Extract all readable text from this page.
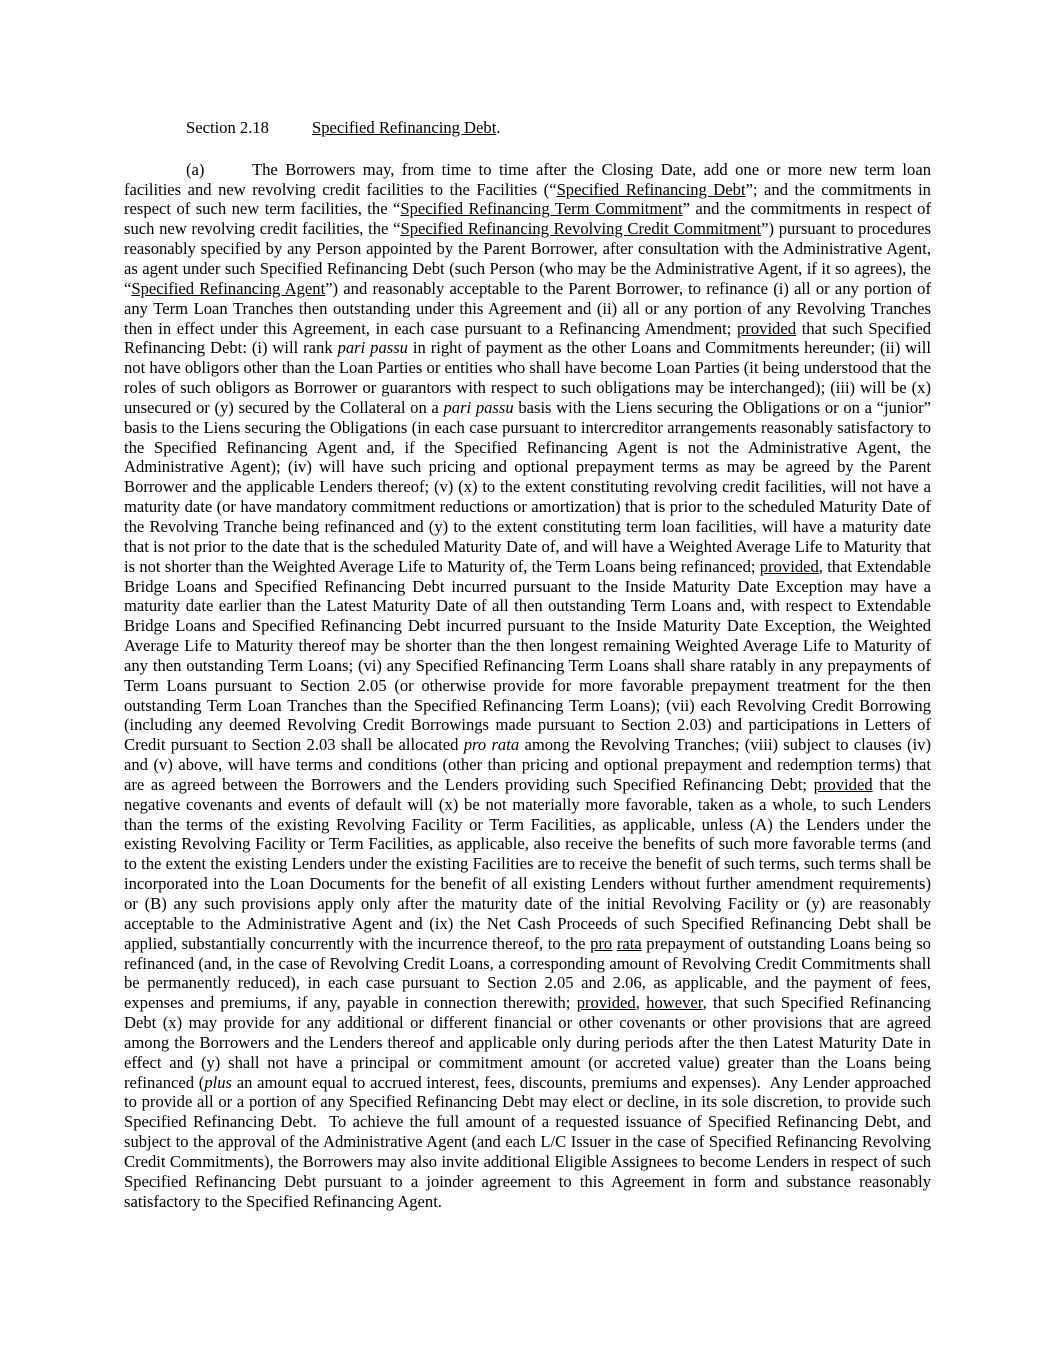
Section 2.18	Specified Refinancing Debt.

(a)	The Borrowers may, from time to time after the Closing Date, add one or more new term loan facilities and new revolving credit facilities to the Facilities (“Specified Refinancing Debt”; and the commitments in respect of such new term facilities, the “Specified Refinancing Term Commitment” and the commitments in respect of such new revolving credit facilities, the “Specified Refinancing Revolving Credit Commitment”) pursuant to procedures reasonably specified by any Person appointed by the Parent Borrower, after consultation with the Administrative Agent, as agent under such Specified Refinancing Debt (such Person (who may be the Administrative Agent, if it so agrees), the “Specified Refinancing Agent”) and reasonably acceptable to the Parent Borrower, to refinance (i) all or any portion of any Term Loan Tranches then outstanding under this Agreement and (ii) all or any portion of any Revolving Tranches then in effect under this Agreement, in each case pursuant to a Refinancing Amendment; provided that such Specified Refinancing Debt: (i) will rank pari passu in right of payment as the other Loans and Commitments hereunder; (ii) will not have obligors other than the Loan Parties or entities who shall have become Loan Parties (it being understood that the roles of such obligors as Borrower or guarantors with respect to such obligations may be interchanged); (iii) will be (x) unsecured or (y) secured by the Collateral on a pari passu basis with the Liens securing the Obligations or on a “junior” basis to the Liens securing the Obligations (in each case pursuant to intercreditor arrangements reasonably satisfactory to the Specified Refinancing Agent and, if the Specified Refinancing Agent is not the Administrative Agent, the Administrative Agent); (iv) will have such pricing and optional prepayment terms as may be agreed by the Parent Borrower and the applicable Lenders thereof; (v) (x) to the extent constituting revolving credit facilities, will not have a maturity date (or have mandatory commitment reductions or amortization) that is prior to the scheduled Maturity Date of the Revolving Tranche being refinanced and (y) to the extent constituting term loan facilities, will have a maturity date that is not prior to the date that is the scheduled Maturity Date of, and will have a Weighted Average Life to Maturity that is not shorter than the Weighted Average Life to Maturity of, the Term Loans being refinanced; provided, that Extendable Bridge Loans and Specified Refinancing Debt incurred pursuant to the Inside Maturity Date Exception may have a maturity date earlier than the Latest Maturity Date of all then outstanding Term Loans and, with respect to Extendable Bridge Loans and Specified Refinancing Debt incurred pursuant to the Inside Maturity Date Exception, the Weighted Average Life to Maturity thereof may be shorter than the then longest remaining Weighted Average Life to Maturity of any then outstanding Term Loans; (vi) any Specified Refinancing Term Loans shall share ratably in any prepayments of Term Loans pursuant to Section 2.05 (or otherwise provide for more favorable prepayment treatment for the then outstanding Term Loan Tranches than the Specified Refinancing Term Loans); (vii) each Revolving Credit Borrowing (including any deemed Revolving Credit Borrowings made pursuant to Section 2.03) and participations in Letters of Credit pursuant to Section 2.03 shall be allocated pro rata among the Revolving Tranches; (viii) subject to clauses (iv) and (v) above, will have terms and conditions (other than pricing and optional prepayment and redemption terms) that are as agreed between the Borrowers and the Lenders providing such Specified Refinancing Debt; provided that the negative covenants and events of default will (x) be not materially more favorable, taken as a whole, to such Lenders than the terms of the existing Revolving Facility or Term Facilities, as applicable, unless (A) the Lenders under the existing Revolving Facility or Term Facilities, as applicable, also receive the benefits of such more favorable terms (and to the extent the existing Lenders under the existing Facilities are to receive the benefit of such terms, such terms shall be incorporated into the Loan Documents for the benefit of all existing Lenders without further amendment requirements) or (B) any such provisions apply only after the maturity date of the initial Revolving Facility or (y) are reasonably acceptable to the Administrative Agent and (ix) the Net Cash Proceeds of such Specified Refinancing Debt shall be applied, substantially concurrently with the incurrence thereof, to the pro rata prepayment of outstanding Loans being so refinanced (and, in the case of Revolving Credit Loans, a corresponding amount of Revolving Credit Commitments shall be permanently reduced), in each case pursuant to Section 2.05 and 2.06, as applicable, and the payment of fees, expenses and premiums, if any, payable in connection therewith; provided, however, that such Specified Refinancing Debt (x) may provide for any additional or different financial or other covenants or other provisions that are agreed among the Borrowers and the Lenders thereof and applicable only during periods after the then Latest Maturity Date in effect and (y) shall not have a principal or commitment amount (or accreted value) greater than the Loans being refinanced (plus an amount equal to accrued interest, fees, discounts, premiums and expenses).  Any Lender approached to provide all or a portion of any Specified Refinancing Debt may elect or decline, in its sole discretion, to provide such Specified Refinancing Debt.  To achieve the full amount of a requested issuance of Specified Refinancing Debt, and subject to the approval of the Administrative Agent (and each L/C Issuer in the case of Specified Refinancing Revolving Credit Commitments), the Borrowers may also invite additional Eligible Assignees to become Lenders in respect of such Specified Refinancing Debt pursuant to a joinder agreement to this Agreement in form and substance reasonably satisfactory to the Specified Refinancing Agent.
